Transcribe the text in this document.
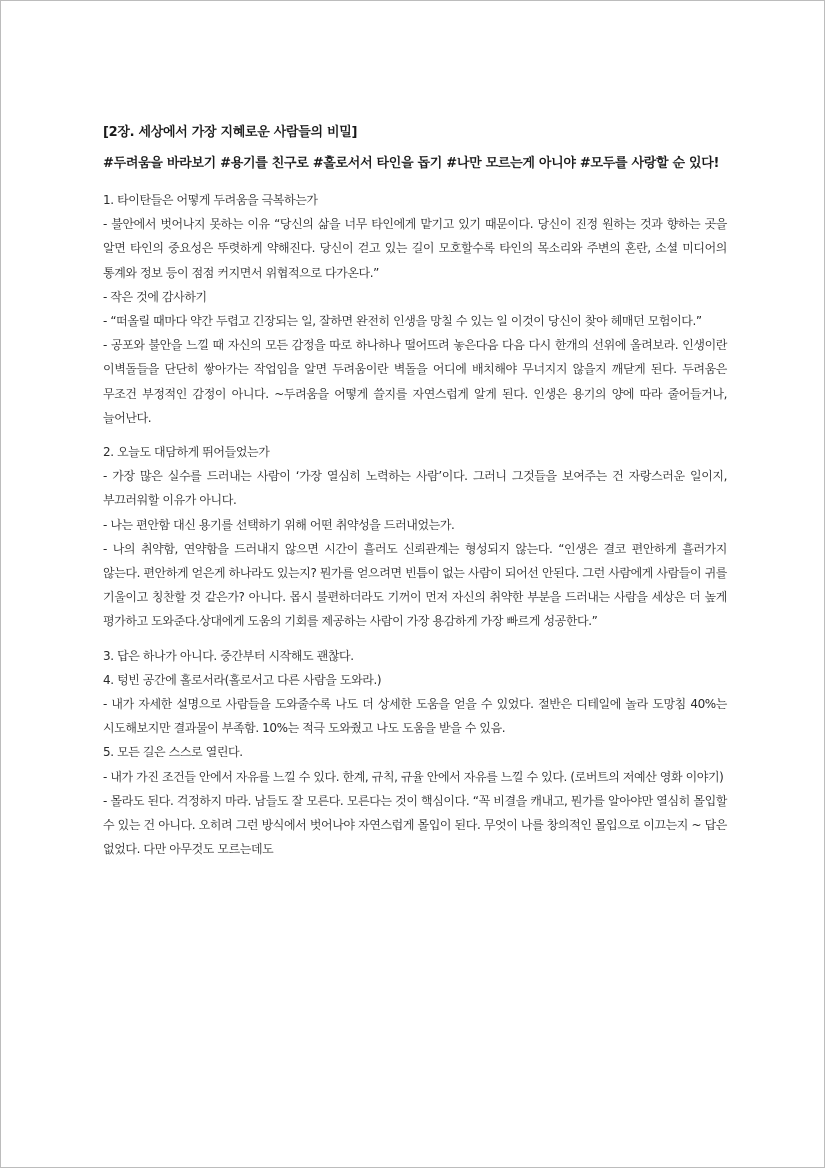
[2장. 세상에서 가장 지혜로운 사람들의 비밀]

#두려움을 바라보기 #용기를 친구로 #홀로서서 타인을 돕기 #나만 모르는게 아니야 #모두를 사랑할 순 있다!

1. 타이탄들은 어떻게 두려움을 극복하는가

- 불안에서 벗어나지 못하는 이유 “당신의 삶을 너무 타인에게 맡기고 있기 때문이다. 당신이 진정 원하는 것과 향하는 곳을 알면 타인의 중요성은 뚜렷하게 약해진다. 당신이 걷고 있는 길이 모호할수록 타인의 목소리와 주변의 혼란, 소셜 미디어의 통계와 정보 등이 점점 커지면서 위협적으로 다가온다.”

- 작은 것에 감사하기

- “떠올릴 때마다 약간 두렵고 긴장되는 일, 잘하면 완전히 인생을 망칠 수 있는 일 이것이 당신이 찾아 헤매던 모험이다.”

- 공포와 불안을 느낄 때 자신의 모든 감정을 따로 하나하나 떨어뜨려 놓은다음 다음 다시 한개의 선위에 올려보라. 인생이란 이벽돌들을 단단히 쌓아가는 작업임을 알면 두려움이란 벽돌을 어디에 배치해야 무너지지 않을지 깨닫게 된다. 두려움은 무조건 부정적인 감정이 아니다. ~두려움을 어떻게 쓸지를 자연스럽게 알게 된다. 인생은 용기의 양에 따라 줄어들거나, 늘어난다.

2. 오늘도 대담하게 뛰어들었는가

- 가장 많은 실수를 드러내는 사람이 ‘가장 열심히 노력하는 사람’이다. 그러니 그것들을 보여주는 건 자랑스러운 일이지, 부끄러워할 이유가 아니다.

- 나는 편안함 대신 용기를 선택하기 위해 어떤 취약성을 드러내었는가.

- 나의 취약함, 연약함을 드러내지 않으면 시간이 흘러도 신뢰관계는 형성되지 않는다. “인생은 결코 편안하게 흘러가지 않는다. 편안하게 얻은게 하나라도 있는지? 뭔가를 얻으려면 빈틈이 없는 사람이 되어선 안된다. 그런 사람에게 사람들이 귀를 기울이고 칭찬할 것 같은가? 아니다. 몹시 불편하더라도 기꺼이 먼저 자신의 취약한 부분을 드러내는 사람을 세상은 더 높게 평가하고 도와준다.상대에게 도움의 기회를 제공하는 사람이 가장 용감하게 가장 빠르게 성공한다.”

3. 답은 하나가 아니다. 중간부터 시작해도 괜찮다.

4. 텅빈 공간에 홀로서라(홀로서고 다른 사람을 도와라.)

- 내가 자세한 설명으로 사람들을 도와줄수록 나도 더 상세한 도움을 얻을 수 있었다. 절반은 디테일에 놀라 도망침 40%는 시도해보지만 결과물이 부족함. 10%는 적극 도와줬고 나도 도움을 받을 수 있음.

5. 모든 길은 스스로 열린다.

- 내가 가진 조건들 안에서 자유를 느낄 수 있다. 한계, 규칙, 규율 안에서 자유를 느낄 수 있다. (로버트의 저예산 영화 이야기)

- 몰라도 된다. 걱정하지 마라. 남들도 잘 모른다. 모른다는 것이 핵심이다. “꼭 비결을 캐내고, 뭔가를 알아야만 열심히 몰입할 수 있는 건 아니다. 오히려 그런 방식에서 벗어나야 자연스럽게 몰입이 된다. 무엇이 나를 창의적인 몰입으로 이끄는지 ~ 답은 없었다. 다만 아무것도 모르는데도
